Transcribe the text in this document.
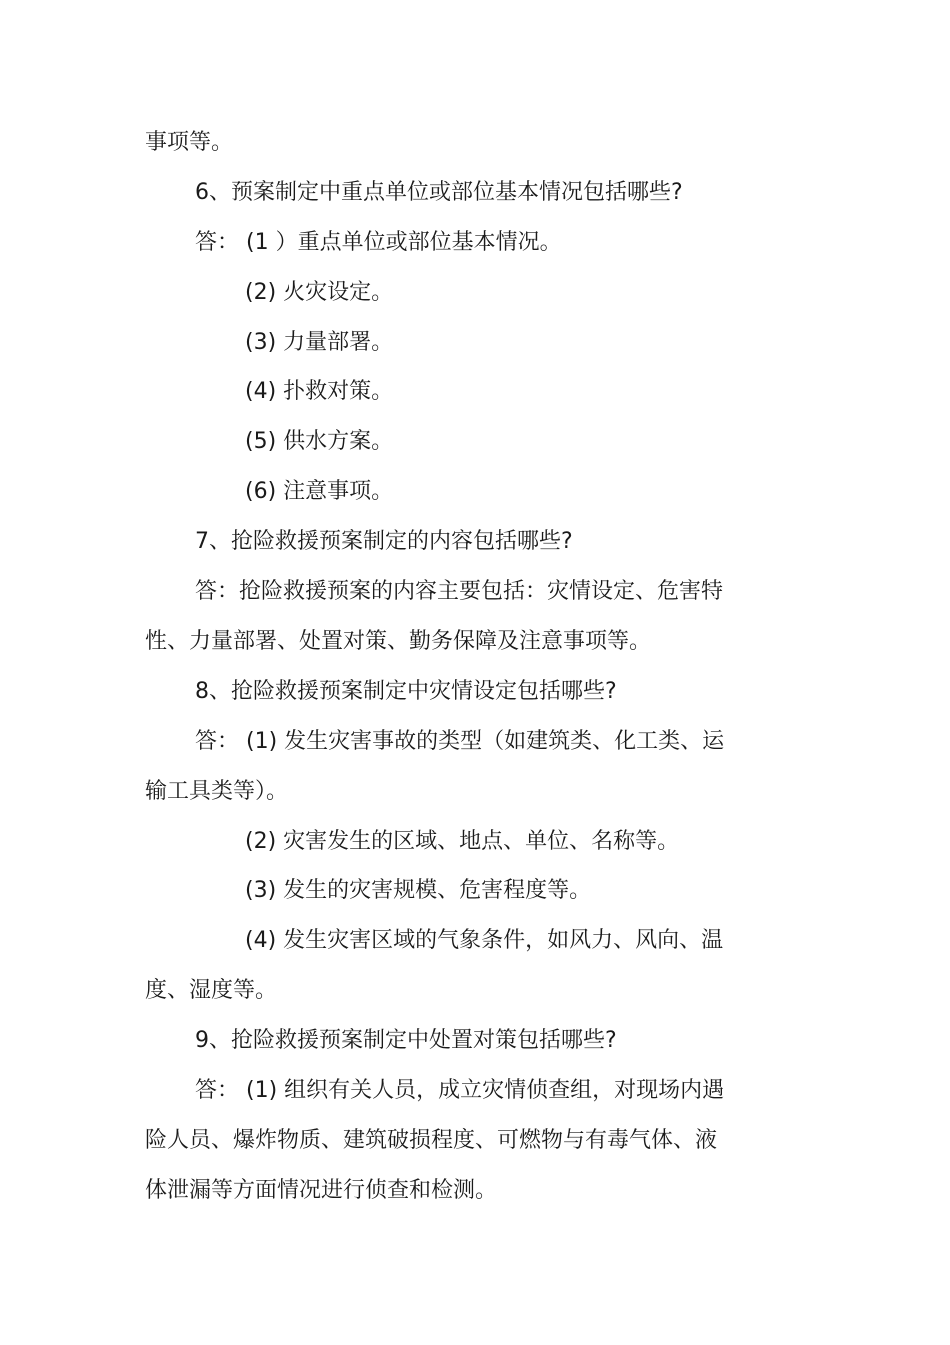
事项等。

6、预案制定中重点单位或部位基本情况包括哪些?

答： (1 ）重点单位或部位基本情况。

(2) 火灾设定。

(3) 力量部署。

(4) 扑救对策。

(5) 供水方案。

(6) 注意事项。

7、抢险救援预案制定的内容包括哪些?

答：抢险救援预案的内容主要包括：灾情设定、危害特

性、力量部署、处置对策、勤务保障及注意事项等。

8、抢险救援预案制定中灾情设定包括哪些?

答： (1) 发生灾害事故的类型（如建筑类、化工类、运

输工具类等）。

(2) 灾害发生的区域、地点、单位、名称等。

(3) 发生的灾害规模、危害程度等。

(4) 发生灾害区域的气象条件，如风力、风向、温

度、湿度等。

9、抢险救援预案制定中处置对策包括哪些?

答： (1) 组织有关人员，成立灾情侦查组，对现场内遇

险人员、爆炸物质、建筑破损程度、可燃物与有毒气体、液

体泄漏等方面情况进行侦查和检测。
